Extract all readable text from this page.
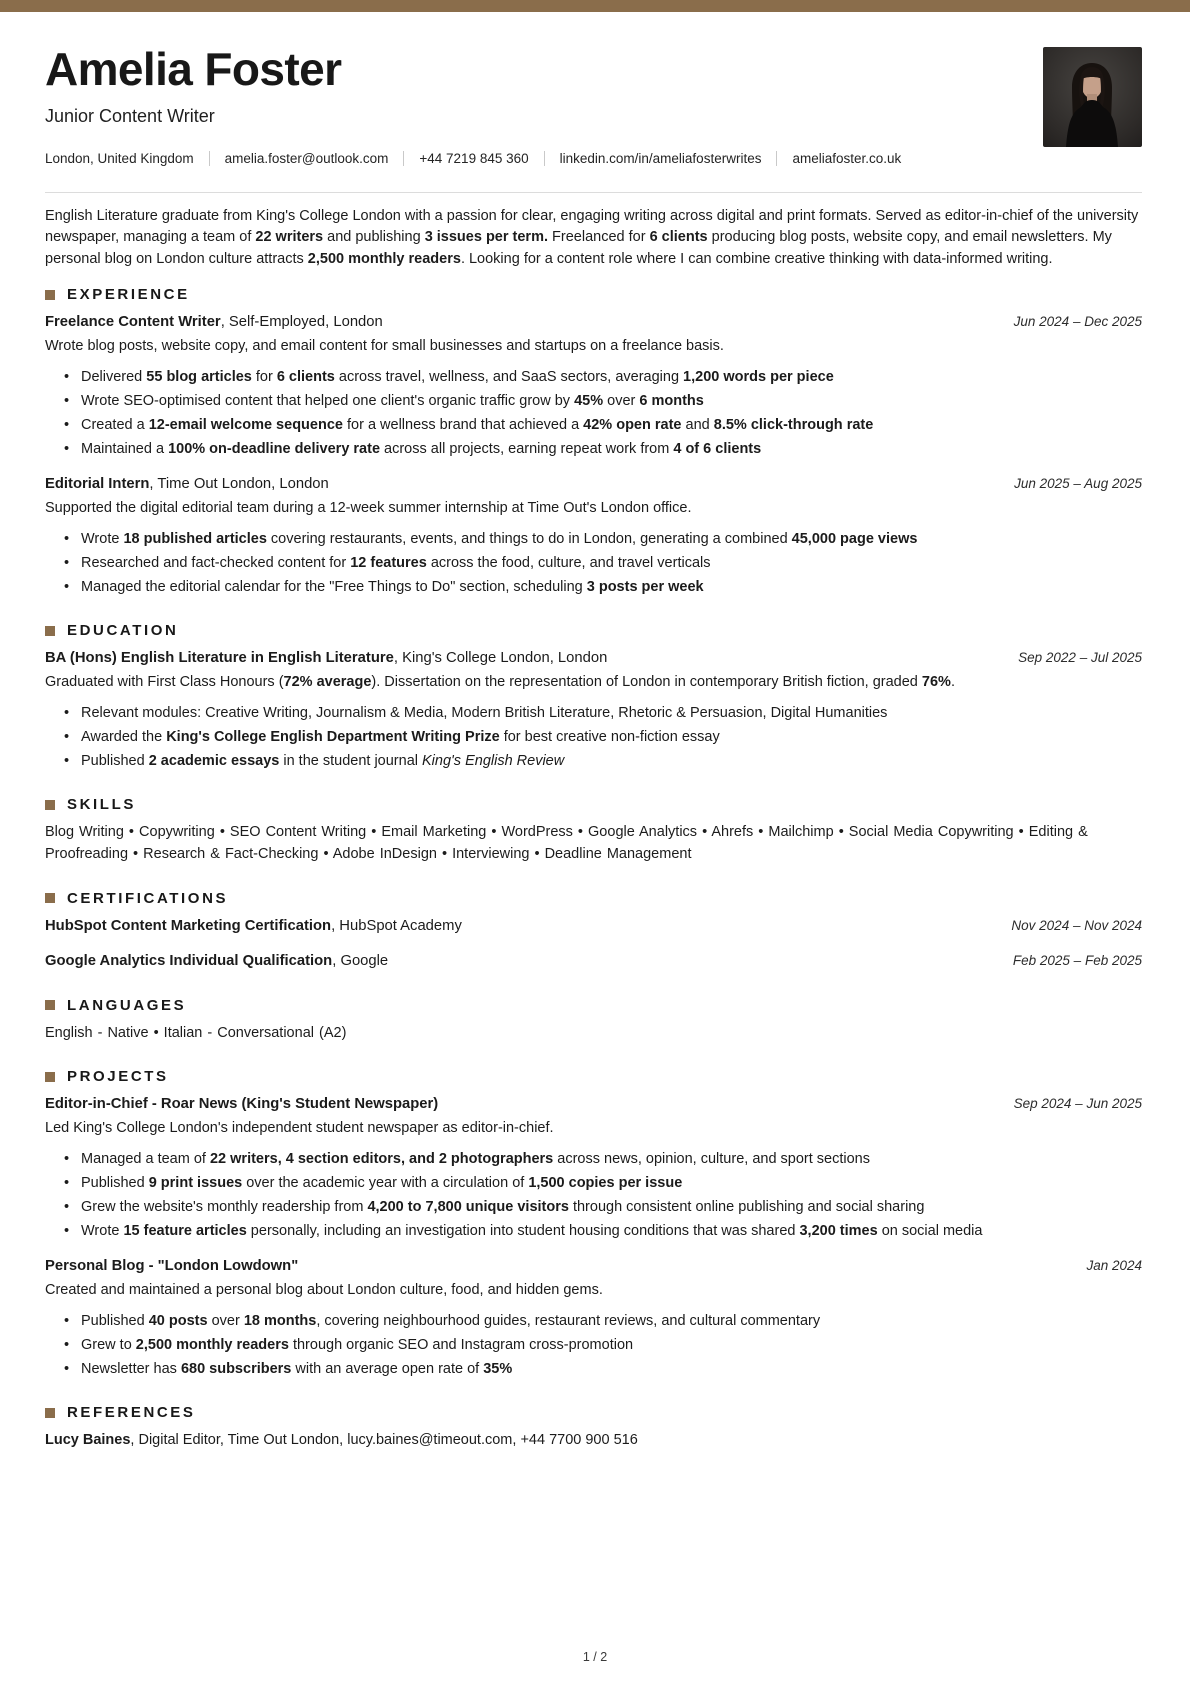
Amelia Foster
Junior Content Writer
London, United Kingdom amelia.foster@outlook.com +44 7219 845 360 linkedin.com/in/ameliafosterwrites ameliafoster.co.uk

English Literature graduate from King's College London with a passion for clear, engaging writing across digital and print formats. Served as editor-in-chief of the university newspaper, managing a team of 22 writers and publishing 3 issues per term. Freelanced for 6 clients producing blog posts, website copy, and email newsletters. My personal blog on London culture attracts 2,500 monthly readers. Looking for a content role where I can combine creative thinking with data-informed writing.

EXPERIENCE
Freelance Content Writer, Self-Employed, London	Jun 2024 – Dec 2025

Wrote blog posts, website copy, and email content for small businesses and startups on a freelance basis.

• Delivered 55 blog articles for 6 clients across travel, wellness, and SaaS sectors, averaging 1,200 words per piece
• Wrote SEO-optimised content that helped one client's organic traffic grow by 45% over 6 months
• Created a 12-email welcome sequence for a wellness brand that achieved a 42% open rate and 8.5% click-through rate
• Maintained a 100% on-deadline delivery rate across all projects, earning repeat work from 4 of 6 clients
Editorial Intern, Time Out London, London	Jun 2025 – Aug 2025

Supported the digital editorial team during a 12-week summer internship at Time Out's London office.

• Wrote 18 published articles covering restaurants, events, and things to do in London, generating a combined 45,000 page views
• Researched and fact-checked content for 12 features across the food, culture, and travel verticals
• Managed the editorial calendar for the "Free Things to Do" section, scheduling 3 posts per week
EDUCATION
BA (Hons) English Literature in English Literature, King's College London, London	Sep 2022 – Jul 2025

Graduated with First Class Honours (72% average). Dissertation on the representation of London in contemporary British fiction, graded 76%.

• Relevant modules: Creative Writing, Journalism & Media, Modern British Literature, Rhetoric & Persuasion, Digital Humanities
• Awarded the King's College English Department Writing Prize for best creative non-fiction essay
• Published 2 academic essays in the student journal King's English Review
SKILLS
Blog Writing • Copywriting • SEO Content Writing • Email Marketing • WordPress • Google Analytics • Ahrefs • Mailchimp • Social Media Copywriting • Editing & Proofreading • Research & Fact-Checking • Adobe InDesign • Interviewing • Deadline Management
CERTIFICATIONS
HubSpot Content Marketing Certification, HubSpot Academy	Nov 2024 – Nov 2024
Google Analytics Individual Qualification, Google	Feb 2025 – Feb 2025
LANGUAGES
English - Native • Italian - Conversational (A2)
PROJECTS
Editor-in-Chief - Roar News (King's Student Newspaper)	Sep 2024 – Jun 2025

Led King's College London's independent student newspaper as editor-in-chief.

• Managed a team of 22 writers, 4 section editors, and 2 photographers across news, opinion, culture, and sport sections
• Published 9 print issues over the academic year with a circulation of 1,500 copies per issue
• Grew the website's monthly readership from 4,200 to 7,800 unique visitors through consistent online publishing and social sharing
• Wrote 15 feature articles personally, including an investigation into student housing conditions that was shared 3,200 times on social media
Personal Blog - "London Lowdown"	Jan 2024

Created and maintained a personal blog about London culture, food, and hidden gems.

• Published 40 posts over 18 months, covering neighbourhood guides, restaurant reviews, and cultural commentary
• Grew to 2,500 monthly readers through organic SEO and Instagram cross-promotion
• Newsletter has 680 subscribers with an average open rate of 35%
REFERENCES

Lucy Baines, Digital Editor, Time Out London, lucy.baines@timeout.com, +44 7700 900 516

1 / 2
